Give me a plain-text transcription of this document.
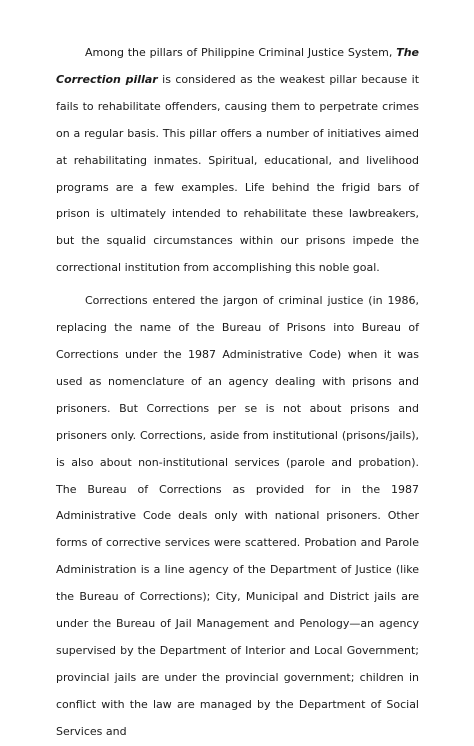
Among the pillars of Philippine Criminal Justice System, The Correction pillar is considered as the weakest pillar because it fails to rehabilitate offenders, causing them to perpetrate crimes on a regular basis. This pillar offers a number of initiatives aimed at rehabilitating inmates. Spiritual, educational, and livelihood programs are a few examples. Life behind the frigid bars of prison is ultimately intended to rehabilitate these lawbreakers, but the squalid circumstances within our prisons impede the correctional institution from accomplishing this noble goal.

Corrections entered the jargon of criminal justice (in 1986, replacing the name of the Bureau of Prisons into Bureau of Corrections under the 1987 Administrative Code) when it was used as nomenclature of an agency dealing with prisons and prisoners. But Corrections per se is not about prisons and prisoners only. Corrections, aside from institutional (prisons/jails), is also about non-institutional services (parole and probation). The Bureau of Corrections as provided for in the 1987 Administrative Code deals only with national prisoners. Other forms of corrective services were scattered. Probation and Parole Administration is a line agency of the Department of Justice (like the Bureau of Corrections); City, Municipal and District jails are under the Bureau of Jail Management and Penology—an agency supervised by the Department of Interior and Local Government; provincial jails are under the provincial government; children in conflict with the law are managed by the Department of Social Services and
